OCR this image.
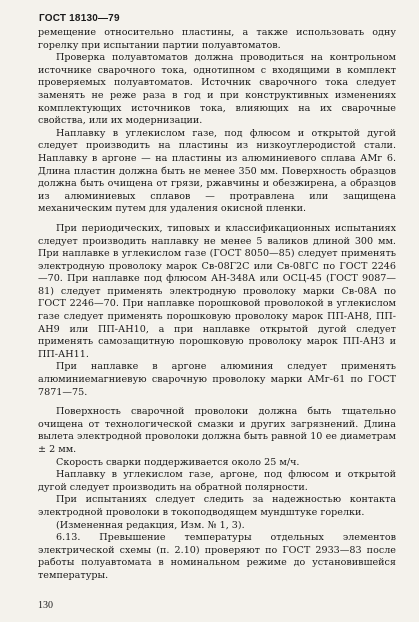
ГОСТ 18130—79

ремещение относительно пластины, а также использовать одну горелку при испытании партии полуавтоматов.

Проверка полуавтоматов должна проводиться на контрольном источнике сварочного тока, однотипном с входящими в комплект проверяемых полуавтоматов. Источник сварочного тока следует заменять не реже раза в год и при конструктивных изменениях комплектующих источников тока, влияющих на их сварочные свойства, или их модернизации.

Наплавку в углекислом газе, под флюсом и открытой дугой следует производить на пластины из низкоуглеродистой стали. Наплавку в аргоне — на пластины из алюминиевого сплава АМг 6. Длина пластин должна быть не менее 350 мм. Поверхность образцов должна быть очищена от грязи, ржавчины и обезжирена, а образцов из алюминиевых сплавов — протравлена или защищена механическим путем для удаления окисной пленки.

При периодических, типовых и классификационных испытаниях следует производить наплавку не менее 5 валиков длиной 300 мм. При наплавке в углекислом газе (ГОСТ 8050—85) следует применять электродную проволоку марок Св-08Г2С или Св-08ГС по ГОСТ 2246—70. При наплавке под флюсом АН-348А или ОСЦ-45 (ГОСТ 9087—81) следует применять электродную проволоку марки Св-08А по ГОСТ 2246—70. При наплавке порошковой проволокой в углекислом газе следует применять порошковую проволоку марок ПП-АН8, ПП-АН9 или ПП-АН10, а при наплавке открытой дугой следует применять самозащитную порошковую проволоку марок ПП-АН3 и ПП-АН11.

При наплавке в аргоне алюминия следует применять алюминиемагниевую сварочную проволоку марки АМг-61 по ГОСТ 7871—75.

Поверхность сварочной проволоки должна быть тщательно очищена от технологической смазки и других загрязнений. Длина вылета электродной проволоки должна быть равной 10 ее диаметрам ± 2 мм.

Скорость сварки поддерживается около 25 м/ч.

Наплавку в углекислом газе, аргоне, под флюсом и открытой дугой следует производить на обратной полярности.

При испытаниях следует следить за надежностью контакта электродной проволоки в токоподводящем мундштуке горелки.

(Измененная редакция, Изм. № 1, 3).

6.13. Превышение температуры отдельных элементов электрической схемы (п. 2.10) проверяют по ГОСТ 2933—83 после работы полуавтомата в номинальном режиме до установившейся температуры.

130
